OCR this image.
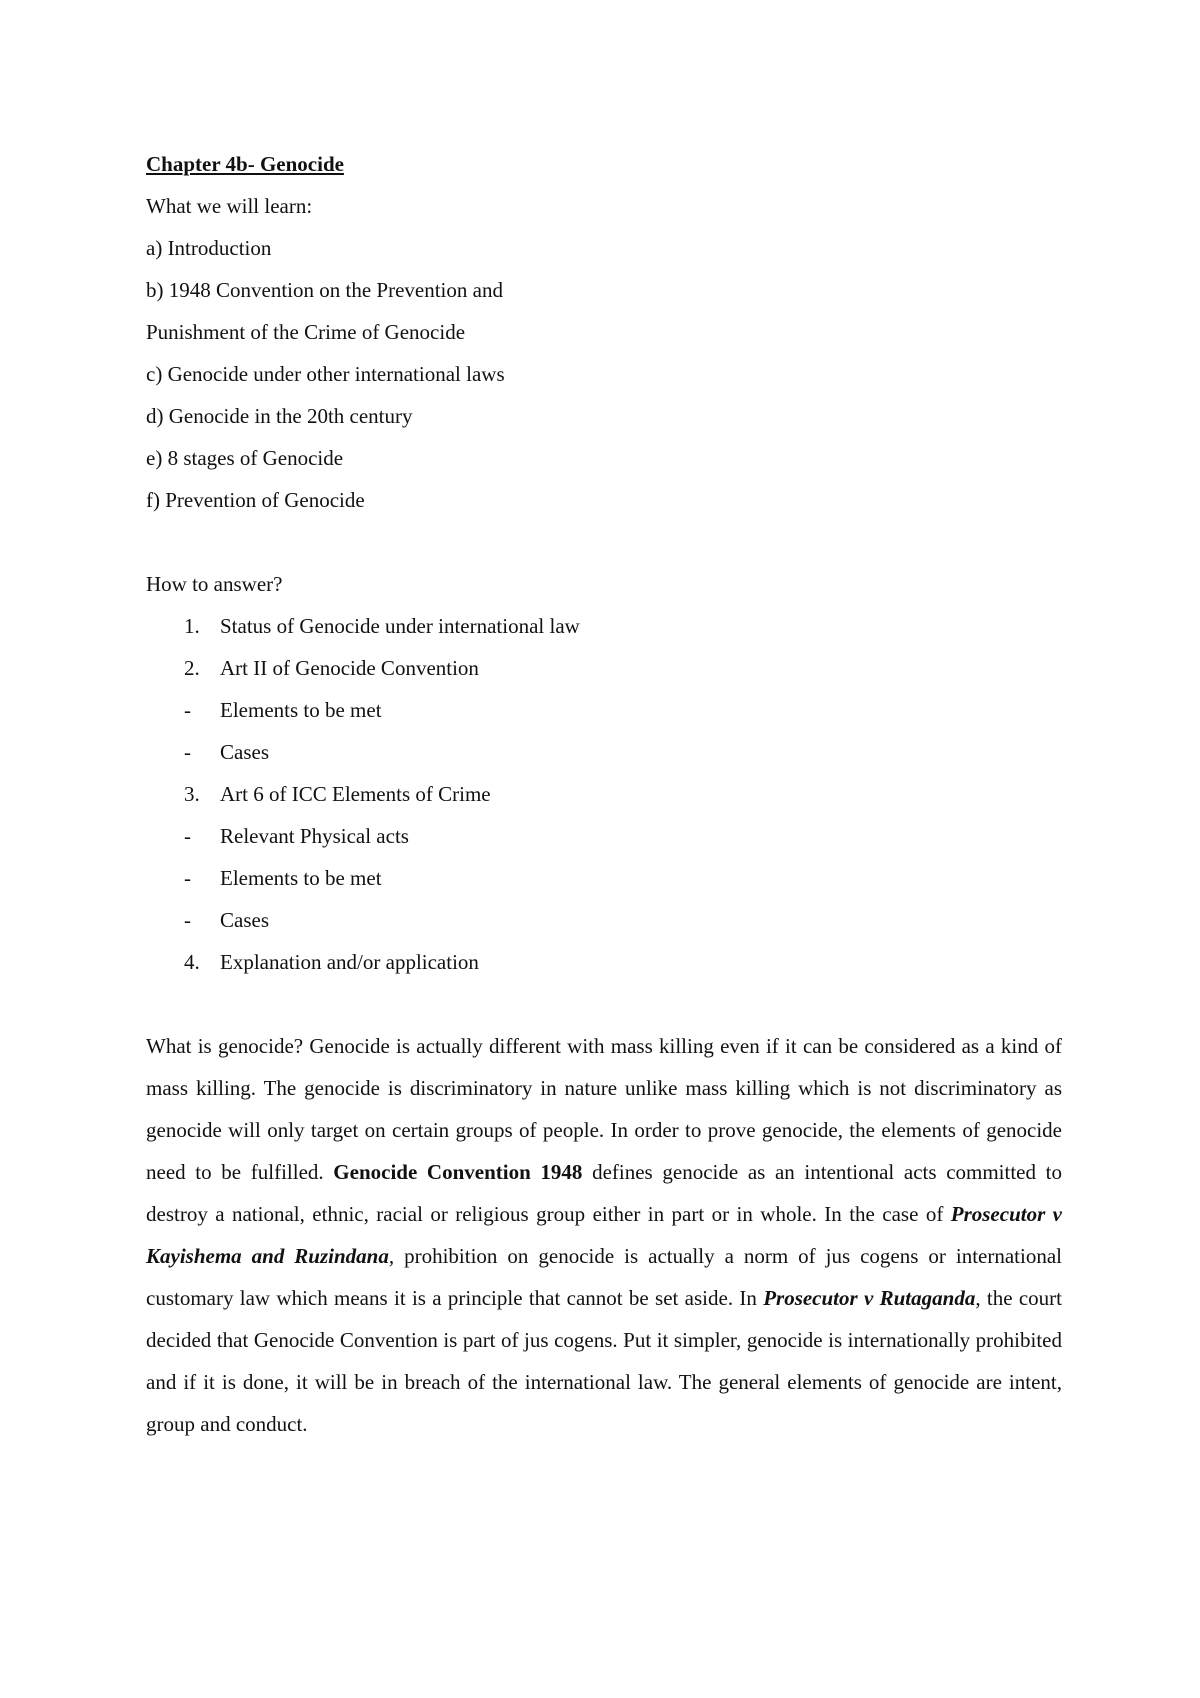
Chapter 4b- Genocide
What we will learn:
a) Introduction
b) 1948 Convention on the Prevention and
Punishment of the Crime of Genocide
c) Genocide under other international laws
d) Genocide in the 20th century
e) 8 stages of Genocide
f) Prevention of Genocide
How to answer?
1. Status of Genocide under international law
2. Art II of Genocide Convention
-	Elements to be met
-	Cases
3. Art 6 of ICC Elements of Crime
-	Relevant Physical acts
-	Elements to be met
-	Cases
4. Explanation and/or application

What is genocide? Genocide is actually different with mass killing even if it can be considered as a kind of mass killing. The genocide is discriminatory in nature unlike mass killing which is not discriminatory as genocide will only target on certain groups of people. In order to prove genocide, the elements of genocide need to be fulfilled. Genocide Convention 1948 defines genocide as an intentional acts committed to destroy a national, ethnic, racial or religious group either in part or in whole. In the case of Prosecutor v Kayishema and Ruzindana, prohibition on genocide is actually a norm of jus cogens or international customary law which means it is a principle that cannot be set aside. In Prosecutor v Rutaganda, the court decided that Genocide Convention is part of jus cogens. Put it simpler, genocide is internationally prohibited and if it is done, it will be in breach of the international law. The general elements of genocide are intent, group and conduct.
